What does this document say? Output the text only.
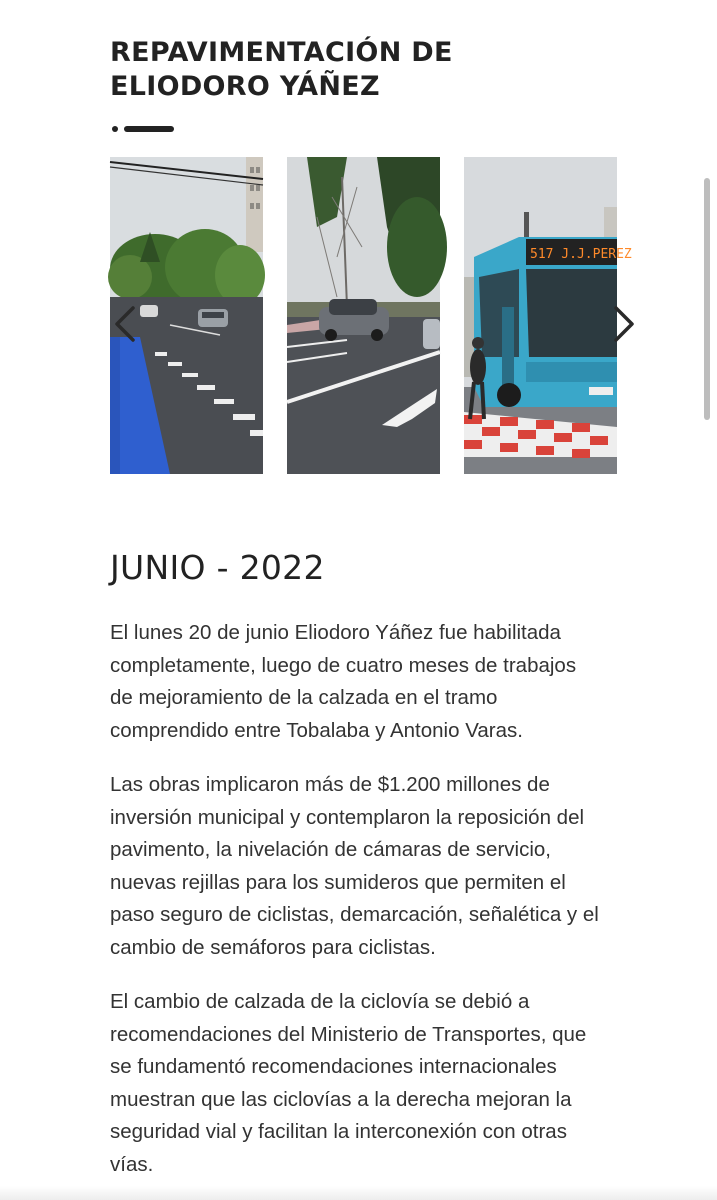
REPAVIMENTACIÓN DE
ELIODORO YÁÑEZ
517 J.J.PEREZ
JUNIO - 2022

El lunes 20 de junio Eliodoro Yáñez fue habilitada
completamente, luego de cuatro meses de trabajos
de mejoramiento de la calzada en el tramo
comprendido entre Tobalaba y Antonio Varas.

Las obras implicaron más de $1.200 millones de
inversión municipal y contemplaron la reposición del
pavimento, la nivelación de cámaras de servicio,
nuevas rejillas para los sumideros que permiten el
paso seguro de ciclistas, demarcación, señalética y el
cambio de semáforos para ciclistas.

El cambio de calzada de la ciclovía se debió a
recomendaciones del Ministerio de Transportes, que
se fundamentó recomendaciones internacionales
muestran que las ciclovías a la derecha mejoran la
seguridad vial y facilitan la interconexión con otras
vías.
